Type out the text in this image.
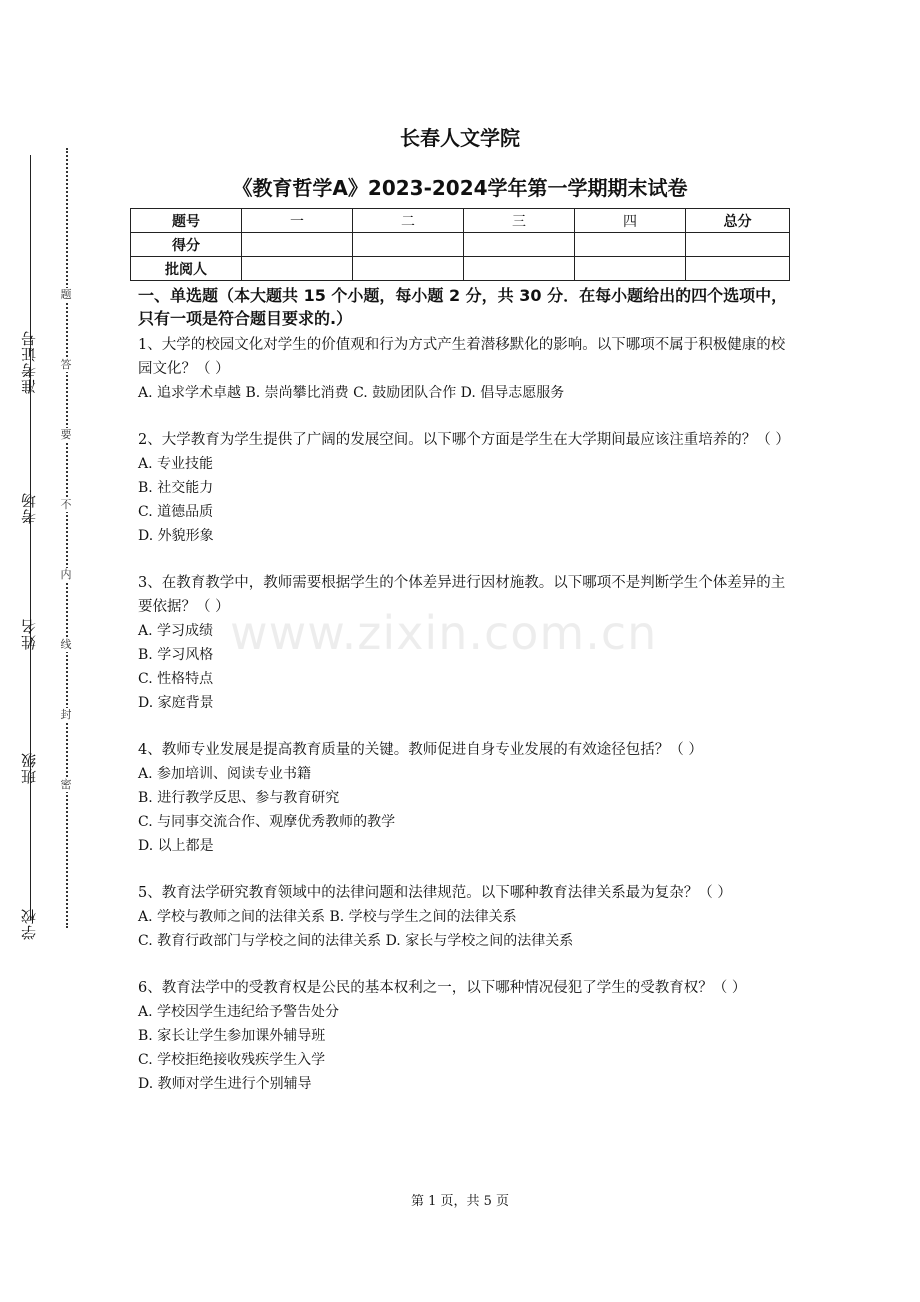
准考证号
考场
姓名
班级
学校
题
答
要
不
内
线
封
密
长春人文学院
《教育哲学A》2023-2024学年第一学期期末试卷
题号	一	二	三	四	总分
得分					
批阅人					
一、单选题（本大题共 15 个小题，每小题 2 分，共 30 分．在每小题给出的四个选项中，只有一项是符合题目要求的.）
1、大学的校园文化对学生的价值观和行为方式产生着潜移默化的影响。以下哪项不属于积极健康的校园文化？（ ）
A. 追求学术卓越 B. 崇尚攀比消费 C. 鼓励团队合作 D. 倡导志愿服务
2、大学教育为学生提供了广阔的发展空间。以下哪个方面是学生在大学期间最应该注重培养的？（ ）
A. 专业技能
B. 社交能力
C. 道德品质
D. 外貌形象
3、在教育教学中，教师需要根据学生的个体差异进行因材施教。以下哪项不是判断学生个体差异的主要依据？（ ）
A. 学习成绩
B. 学习风格
C. 性格特点
D. 家庭背景
4、教师专业发展是提高教育质量的关键。教师促进自身专业发展的有效途径包括？（ ）
A. 参加培训、阅读专业书籍
B. 进行教学反思、参与教育研究
C. 与同事交流合作、观摩优秀教师的教学
D. 以上都是
5、教育法学研究教育领域中的法律问题和法律规范。以下哪种教育法律关系最为复杂？（ ）
A. 学校与教师之间的法律关系 B. 学校与学生之间的法律关系
C. 教育行政部门与学校之间的法律关系 D. 家长与学校之间的法律关系
6、教育法学中的受教育权是公民的基本权利之一，以下哪种情况侵犯了学生的受教育权？（ ）
A. 学校因学生违纪给予警告处分
B. 家长让学生参加课外辅导班
C. 学校拒绝接收残疾学生入学
D. 教师对学生进行个别辅导
www.zixin.com.cn
第 1 页，共 5 页
